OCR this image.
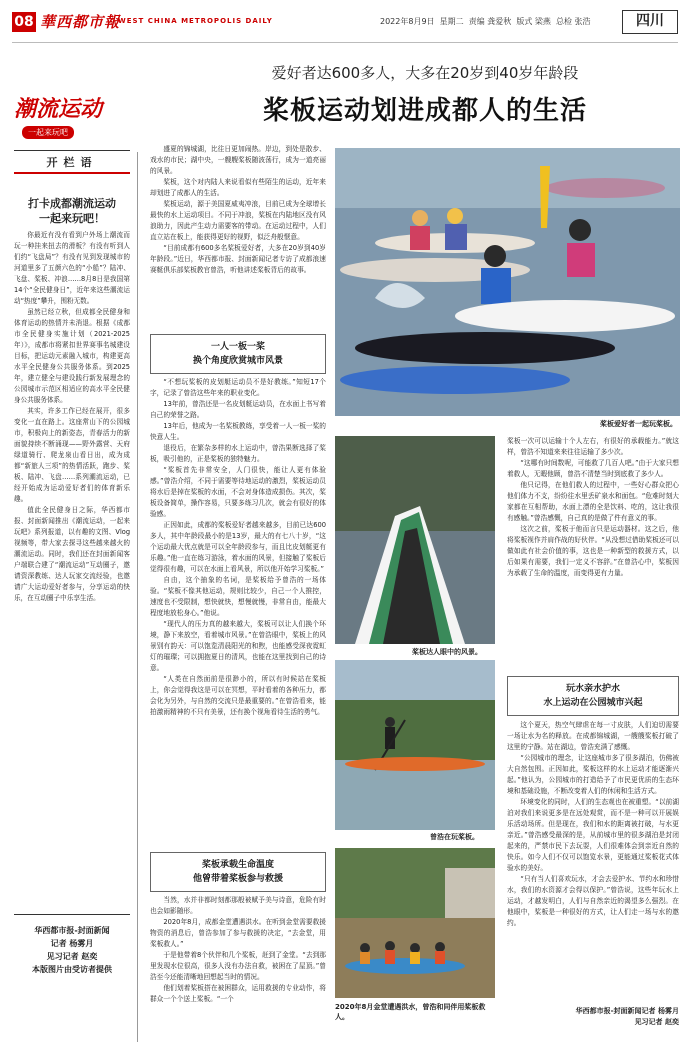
08 華西都市報
WEST CHINA METROPOLIS DAILY	2022年8月9日 星期二 责编 龚爱秋 版式 梁燕 总检 张浩	四川
爱好者达600多人，大多在20岁到40岁年龄段
桨板运动划进成都人的生活
潮流运动
一起来玩吧
开栏语
打卡成都潮流运动
一起来玩吧！

你最近有没有看到户外场上潮流而玩一种挂来扭去的滑板？有没有听到人们约“飞盘局”？有没有见到发现城市的河道里多了五颜六色的“小船”？陆冲、飞盘、桨板、冲浪……8月8日是我国第14个“全民健身日”，近年来这些潮流运动“热度”攀升，围粉无数。

虽然已经立秋，但成都全民健身和体育运动的热情并未消退。根据《成都市全民健身实施计划（2021-2025年）》，成都市将紧扣世界赛事名城建设目标，把运动元素融入城市，构建更高水平全民健身公共服务体系。到2025年，建立健全与建设践行新发展理念的公园城市示范区相适应的高水平全民健身公共服务体系。

其实，许多工作已经在展开，很多变化一直在路上。这座常山下的公园城市，积极向上的新姿态，青春活力的新面貌持续不断涌现——野外露营、天府绿道骑行、爬龙泉山看日出，成为成都“新旅人三项”的热情活跃，跑步、桨板、陆冲、飞盘……系列潮流运动，已经开始成为运动爱好者们的体育新乐趣。

值此全民健身日之际，华西都市报、封面新闻推出《潮流运动，一起来玩吧》系列报道，以有趣的文图、Vlog视频等，带大家去探寻这些越来越火的潮流运动。同时，我们还在封面新闻客户端联合建了“潮流运动”互动圈子，邀请资深教练、达人玩家交流经验，也邀请广大运动爱好者参与，分享运动的快乐，在互动圈子中乐享生活。

华西都市报-封面新闻
记者 杨雾月
见习记者 赵奕
本版图片由受访者提供

盛夏的锦城湖，比往日更加闹热。岸边，到处是散步、戏水的市民；湖中央，一艘艘桨板随波荡行，成为一道亮丽的风景。

桨板，这个对内陆人来说看似有些陌生的运动，近年来却划进了成都人的生活。

桨板运动，源于美国夏威夷冲浪，目前已成为全球增长最快的水上运动项目。不同于冲浪，桨板在内陆地区没有风浪助力，因此产生动力需要客的带动。在运动过程中，人们直立站在板上，能获得更好的视野，似泛舟般惬意。

“目前成都有600多名桨板爱好者，大多在20岁到40岁年龄段。”近日，华西都市报、封面新闻记者专访了成都浪速赛艇俱乐部桨板教官曾浩，听他讲述桨板背后的故事。

一人一板一桨
换个角度欣赏城市风景

“不想玩桨板的皮划艇运动员不是好教练。”知短17个字，记录了曾浩这些年来的职业变化。

13年前，曾浩还是一名皮划艇运动员，在水面上书写着自己的荣誉之路。

13年后，他成为一名桨板教练，享受着一人一板一桨的快意人生。

退役后，在繁杂多样的水上运动中，曾浩果断选择了桨板，吸引他的，正是桨板的独特魅力。

“桨板首先非常安全，人门很快，能让人更有体验感。”曾浩介绍，不同于需要等待地运动的激烈，桨板运动员将水后是掉在桨板的水面，不会对身体造成损伤。其次，桨板设备简单，操作容易，只要多练习几次，就会有很好的体验感。

正因如此，成都的桨板爱好者越来越多，目前已达600多人，其中年龄段最小的是13岁，最大的有七八十岁，“这个运动最大优点就是可以全年龄段参与，而且比皮划艇更有乐趣。”他一直在练习游泳，着水面的风景，但接触了桨板后觉得很有趣，可以在水面上看风景，所以他开始学习桨板。”

自由，这个抽象的名词，是桨板给予曾浩的一场体验。“桨板不像其他运动，规则比较少，自己一个人推控，速度也不受限制，想快就快，想慢就慢，非常自由，能最大程度地放松身心。”他说。

“现代人的压力真的越来越大，桨板可以让人们换个环境，静下来放空，看着城市风景。”在曾浩眼中，桨板上的风景别有韵天：可以饱览清晨阳光的和煦，也能感受深夜霓虹灯的璀璨；可以拥抱夏日的清风，也能在这里找到自己的诗意。

“人类在自然面前是很渺小的，所以有时候站在桨板上，你会觉得我这是可以在冥想，平时看着的各种压力，都会化为另外，与自然的交流只是最重要的。”在曾浩看来，能拍激雨精神的不只有美景，还有换个视角看待生活的勇气。

桨板承载生命温度
他曾带着桨板参与救援

当然，水并非都时刻都那般被赋予美与诗意，危险有时也会如影随形。

2020年8月，成都金堂遭遇洪水。在听到金堂需要救援物资的消息后，曾浩参加了参与救援的决定，“去金堂，用桨板救人。”

于是他带着8个伙伴和几个桨板，赶到了金堂。“去到那里发现水位很高，很多人没有办法自救，被困在了屋顶。”曾浩至今还能清晰地回想起当时的情况。

他们划着桨板搭在被困群众，运用救援的专业动作，将群众一个个送上桨板。“一个

桨板爱好者一起玩桨板。
桨板达人眼中的风景。
曾浩在玩桨板。
2020年8月金堂遭遇洪水，曾浩和同伴用桨板救人。

桨板一次可以运输十个人左右，有很好的承载能力。”就这样，曾浩不知道来来往往运输了多少次。

“这哪有时间数呢，可能救了几百人吧。”由于大家只想着救人，无暇他顾，曾浩不清楚当时到底救了多少人。

他只记得，在他们救人的过程中，一些好心群众把心他们体力不支，纷纷往水里丢矿泉水和面包。“危难时刻大家都在互相帮助，水面上漂的全是饮料、吃的，这让我很有感触。”曾浩感慨，自己真的是做了件有意义的事。

这次之前，桨板于他而言只是运动器材。这之后，他将桨板视作并肩作战的好伙伴。“从没想过借助桨板还可以做如此有社会价值的事，这也是一种新型的救援方式，以后如果有需要，我们一定义不容辞。”在曾浩心中，桨板因为承载了生命的温度，而变得更有力量。

玩水亲水护水
水上运动在公园城市兴起

这个夏天，热空气肆虐在每一寸皮肤，人们迫切需要一场让水为名的释放。在成都锦城湖，一艘艘桨板打破了这里的宁静。站在湖边，曾浩充满了感慨。

“公园城市的理念，让这座城市多了很多湖泊，仿佛被大自然包围。正因如此，桨板这样的水上运动才能逐渐兴起。”他认为，公园城市的打造给予了市民更优质的生态环境和基础设施，不断改变着人们的休闲和生活方式。

环境变化的同时，人们的生态观也在被重塑。“以前湖泊对我们来说更多是在远处观赏，而不是一种可以开展娱乐活动场所。但是现在，我们和水的距离被打破，与水更亲近。”曾浩感受最深的是，从前城市里的很多湖泊是封闭起来的，严禁市民下去玩耍，人们很难体会到亲近自然的快乐。如今人们不仅可以饱览水景，更能通过桨板花式体验水的美好。

“只有当人们喜欢玩水，才会去爱护水、节约水和珍惜水，我们的水资源才会得以保护。”曾浩说，这些年玩水上运动，才越发明白，人们与自然亲近的渴望多么强烈。在他眼中，桨板是一种很好的方式，让人们走一场与水的邀约。

华西都市报-封面新闻记者 杨雾月
见习记者 赵奕
